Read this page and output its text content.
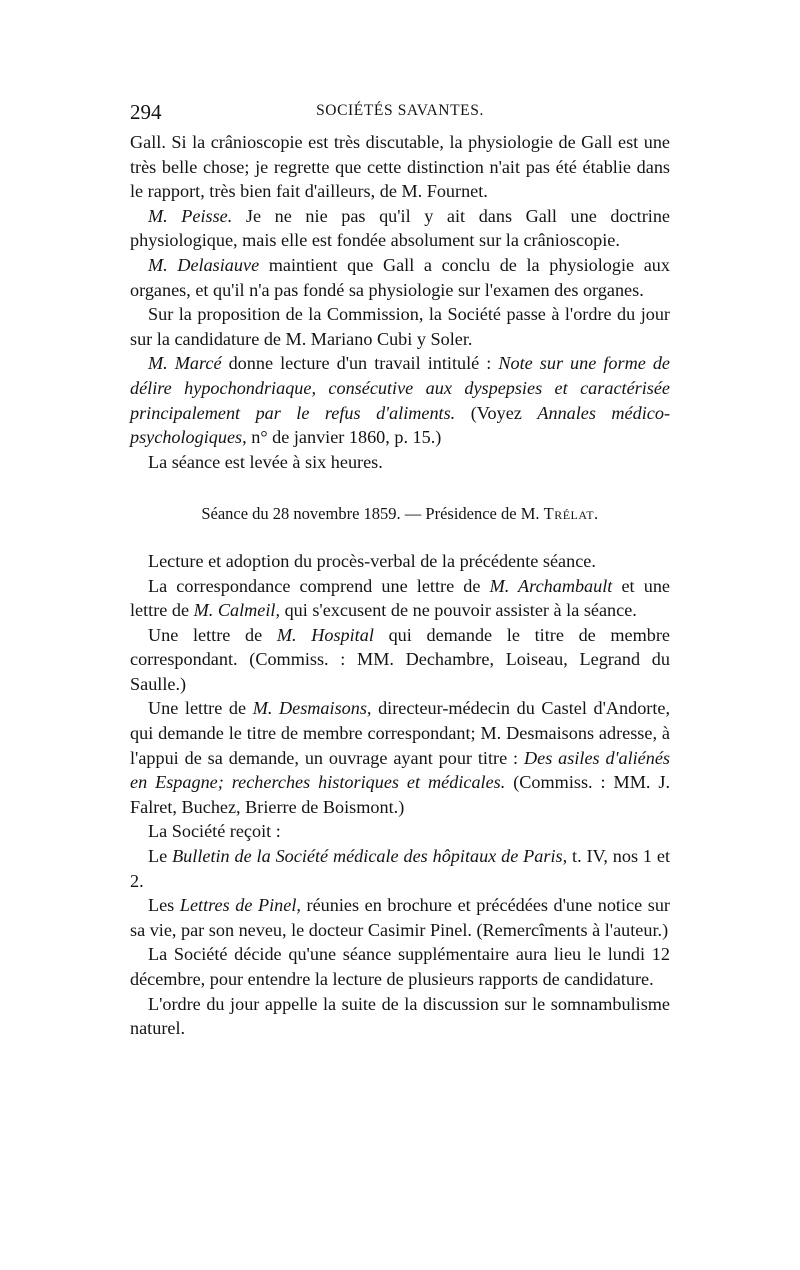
294	SOCIÉTÉS SAVANTES.

Gall. Si la crânioscopie est très discutable, la physiologie de Gall est une très belle chose; je regrette que cette distinction n'ait pas été établie dans le rapport, très bien fait d'ailleurs, de M. Fournet.

M. Peisse. Je ne nie pas qu'il y ait dans Gall une doctrine physiologique, mais elle est fondée absolument sur la crânioscopie.

M. Delasiauve maintient que Gall a conclu de la physiologie aux organes, et qu'il n'a pas fondé sa physiologie sur l'examen des organes.

Sur la proposition de la Commission, la Société passe à l'ordre du jour sur la candidature de M. Mariano Cubi y Soler.

M. Marcé donne lecture d'un travail intitulé : Note sur une forme de délire hypochondriaque, consécutive aux dyspepsies et caractérisée principalement par le refus d'aliments. (Voyez Annales médico-psychologiques, n° de janvier 1860, p. 15.)

La séance est levée à six heures.

Séance du 28 novembre 1859. — Présidence de M. Trélat.

Lecture et adoption du procès-verbal de la précédente séance.

La correspondance comprend une lettre de M. Archambault et une lettre de M. Calmeil, qui s'excusent de ne pouvoir assister à la séance.

Une lettre de M. Hospital qui demande le titre de membre correspondant. (Commiss. : MM. Dechambre, Loiseau, Legrand du Saulle.)

Une lettre de M. Desmaisons, directeur-médecin du Castel d'Andorte, qui demande le titre de membre correspondant; M. Desmaisons adresse, à l'appui de sa demande, un ouvrage ayant pour titre : Des asiles d'aliénés en Espagne; recherches historiques et médicales. (Commiss. : MM. J. Falret, Buchez, Brierre de Boismont.)

La Société reçoit :

Le Bulletin de la Société médicale des hôpitaux de Paris, t. IV, nos 1 et 2.

Les Lettres de Pinel, réunies en brochure et précédées d'une notice sur sa vie, par son neveu, le docteur Casimir Pinel. (Remercîments à l'auteur.)

La Société décide qu'une séance supplémentaire aura lieu le lundi 12 décembre, pour entendre la lecture de plusieurs rapports de candidature.

L'ordre du jour appelle la suite de la discussion sur le somnambulisme naturel.
